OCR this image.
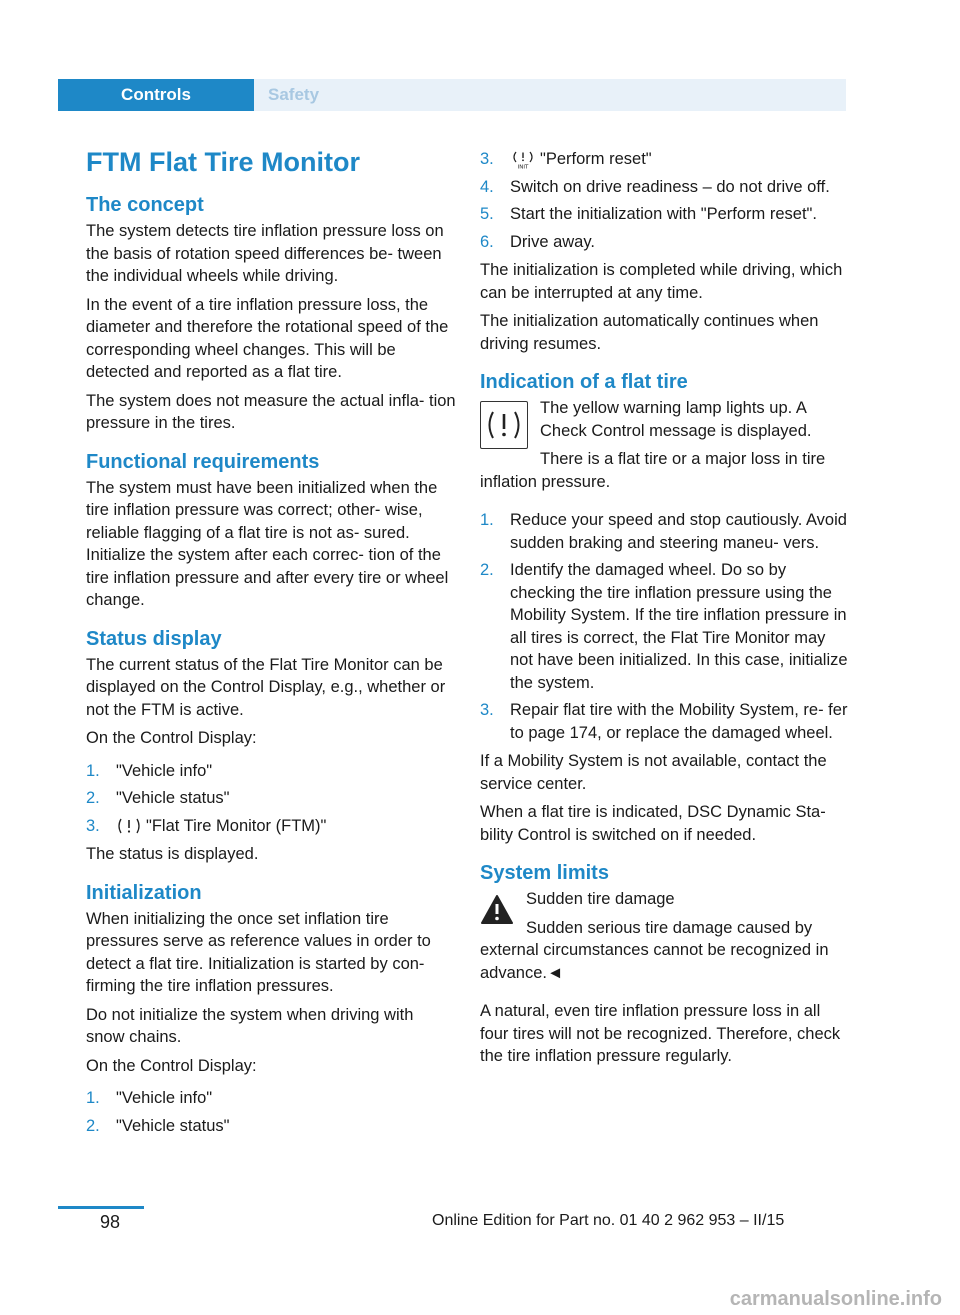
Controls	Safety
FTM Flat Tire Monitor
The concept

The system detects tire inflation pressure loss on the basis of rotation speed differences be- tween the individual wheels while driving.

In the event of a tire inflation pressure loss, the diameter and therefore the rotational speed of the corresponding wheel changes. This will be detected and reported as a flat tire.

The system does not measure the actual infla- tion pressure in the tires.

Functional requirements

The system must have been initialized when the tire inflation pressure was correct; other- wise, reliable flagging of a flat tire is not as- sured. Initialize the system after each correc- tion of the tire inflation pressure and after every tire or wheel change.

Status display

The current status of the Flat Tire Monitor can be displayed on the Control Display, e.g., whether or not the FTM is active.

On the Control Display:

1. "Vehicle info"
2. "Vehicle status"
3.	"Flat Tire Monitor (FTM)"

The status is displayed.

Initialization

When initializing the once set inflation tire pressures serve as reference values in order to detect a flat tire. Initialization is started by con- firming the tire inflation pressures.

Do not initialize the system when driving with snow chains.

On the Control Display:

1. "Vehicle info"
2. "Vehicle status"
3.	INIT "Perform reset"
4. Switch on drive readiness – do not drive off.
5. Start the initialization with "Perform reset".
6. Drive away.

The initialization is completed while driving, which can be interrupted at any time.

The initialization automatically continues when driving resumes.

Indication of a flat tire

The yellow warning lamp lights up. A Check Control message is displayed.

There is a flat tire or a major loss in tire inflation pressure.

1. Reduce your speed and stop cautiously. Avoid sudden braking and steering maneu- vers.
2. Identify the damaged wheel. Do so by checking the tire inflation pressure using the Mobility System. If the tire inflation pressure in all tires is correct, the Flat Tire Monitor may not have been initialized. In this case, initialize the system.
3. Repair flat tire with the Mobility System, re- fer to page 174, or replace the damaged wheel.

If a Mobility System is not available, contact the service center.

When a flat tire is indicated, DSC Dynamic Sta- bility Control is switched on if needed.

System limits

Sudden tire damage

Sudden serious tire damage caused by external circumstances cannot be recognized in advance.◄

A natural, even tire inflation pressure loss in all four tires will not be recognized. Therefore, check the tire inflation pressure regularly.

98	Online Edition for Part no. 01 40 2 962 953 – II/15
carmanualsonline.info
